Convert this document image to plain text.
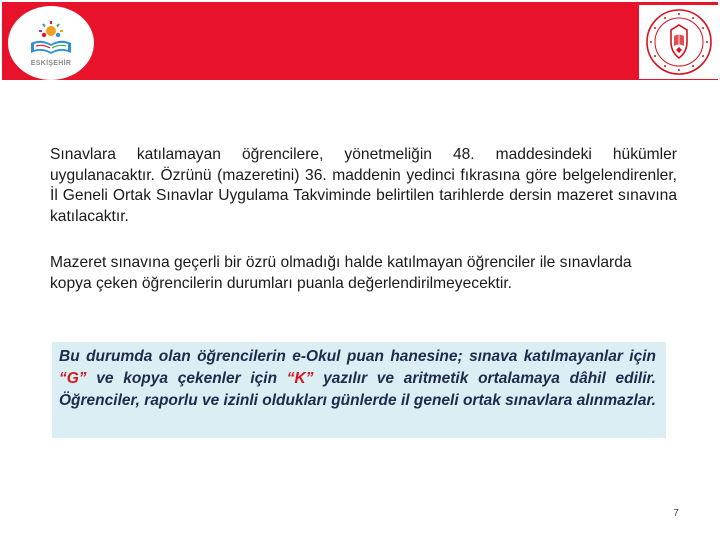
ESKİŞEHİR

Sınavlara katılamayan öğrencilere, yönetmeliğin 48. maddesindeki hükümler uygulanacaktır. Özrünü (mazeretini) 36. maddenin yedinci fıkrasına göre belgelendirenler, İl Geneli Ortak Sınavlar Uygulama Takviminde belirtilen tarihlerde dersin mazeret sınavına katılacaktır.

Mazeret sınavına geçerli bir özrü olmadığı halde katılmayan öğrenciler ile sınavlarda kopya çeken öğrencilerin durumları puanla değerlendirilmeyecektir.

Bu durumda olan öğrencilerin e-Okul puan hanesine; sınava katılmayanlar için “G” ve kopya çekenler için “K” yazılır ve aritmetik ortalamaya dâhil edilir. Öğrenciler, raporlu ve izinli oldukları günlerde il geneli ortak sınavlara alınmazlar.

7
